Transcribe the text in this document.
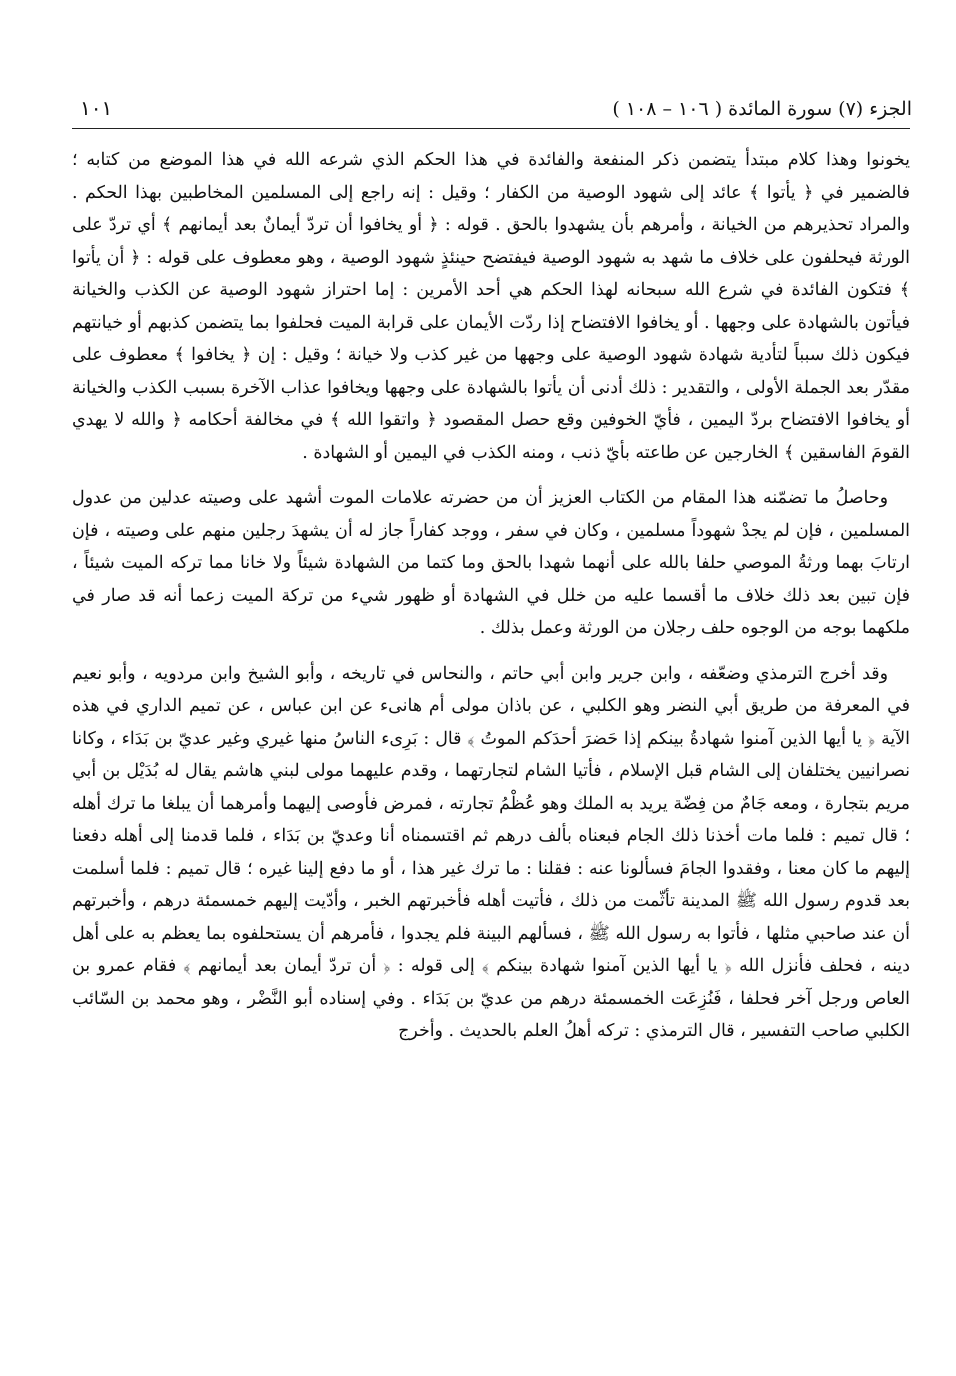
الجزء (٧) سورة المائدة ( ١٠٦ – ١٠٨ )
١٠١

يخونوا وهذا كلام مبتدأ يتضمن ذكر المنفعة والفائدة في هذا الحكم الذي شرعه الله في هذا الموضع من كتابه ؛ فالضمير في ﴿ يأتوا ﴾ عائد إلى شهود الوصية من الكفار ؛ وقيل : إنه راجع إلى المسلمين المخاطبين بهذا الحكم . والمراد تحذيرهم من الخيانة ، وأمرهم بأن يشهدوا بالحق . قوله : ﴿ أو يخافوا أن تردّ أيمانٌ بعد أيمانهم ﴾ أي تردّ على الورثة فيحلفون على خلاف ما شهد به شهود الوصية فيفتضح حينئذٍ شهود الوصية ، وهو معطوف على قوله : ﴿ أن يأتوا ﴾ فتكون الفائدة في شرع الله سبحانه لهذا الحكم هي أحد الأمرين : إما احتراز شهود الوصية عن الكذب والخيانة فيأتون بالشهادة على وجهها . أو يخافوا الافتضاح إذا ردّت الأيمان على قرابة الميت فحلفوا بما يتضمن كذبهم أو خيانتهم فيكون ذلك سبباً لتأدية شهادة شهود الوصية على وجهها من غير كذب ولا خيانة ؛ وقيل : إن ﴿ يخافوا ﴾ معطوف على مقدّر بعد الجملة الأولى ، والتقدير : ذلك أدنى أن يأتوا بالشهادة على وجهها ويخافوا عذاب الآخرة بسبب الكذب والخيانة أو يخافوا الافتضاح بردّ اليمين ، فأيّ الخوفين وقع حصل المقصود ﴿ واتقوا الله ﴾ في مخالفة أحكامه ﴿ والله لا يهدي القومَ الفاسقين ﴾ الخارجين عن طاعته بأيّ ذنب ، ومنه الكذب في اليمين أو الشهادة .

وحاصلُ ما تضمّنه هذا المقام من الكتاب العزيز أن من حضرته علامات الموت أشهد على وصيته عدلين من عدول المسلمين ، فإن لم يجدْ شهوداً مسلمين ، وكان في سفر ، ووجد كفاراً جاز له أن يشهدَ رجلين منهم على وصيته ، فإن ارتابَ بهما ورثةُ الموصي حلفا بالله على أنهما شهدا بالحق وما كتما من الشهادة شيئاً ولا خانا مما تركه الميت شيئاً ، فإن تبين بعد ذلك خلاف ما أقسما عليه من خلل في الشهادة أو ظهور شيء من تركة الميت زعما أنه قد صار في ملكهما بوجه من الوجوه حلف رجلان من الورثة وعمل بذلك .

وقد أخرج الترمذي وضعّفه ، وابن جرير وابن أبي حاتم ، والنحاس في تاريخه ، وأبو الشيخ وابن مردويه ، وأبو نعيم في المعرفة من طريق أبي النضر وهو الكلبي ، عن باذان مولى أم هانىء عن ابن عباس ، عن تميم الداري في هذه الآية ﴿ يا أيها الذين آمنوا شهادةُ بينكم إذا حَضرَ أحدَكم الموتُ ﴾ قال : بَرِىء الناسُ منها غيري وغير عديّ بن بَدَاء ، وكانا نصرانيين يختلفان إلى الشام قبل الإسلام ، فأتيا الشام لتجارتهما ، وقدم عليهما مولى لبني هاشم يقال له بُدَيْل بن أبي مريم بتجارة ، ومعه جَامٌ من فِضّة يريد به الملك وهو عُظْمُ تجارته ، فمرض فأوصى إليهما وأمرهما أن يبلغا ما ترك أهله ؛ قال تميم : فلما مات أخذنا ذلك الجام فبعناه بألف درهم ثم اقتسمناه أنا وعديّ بن بَدَاء ، فلما قدمنا إلى أهله دفعنا إليهم ما كان معنا ، وفقدوا الجامَ فسألونا عنه : فقلنا : ما ترك غير هذا ، أو ما دفع إلينا غيره ؛ قال تميم : فلما أسلمت بعد قدوم رسول الله ﷺ المدينة تأثّمت من ذلك ، فأتيت أهله فأخبرتهم الخبر ، وأدّيت إليهم خمسمئة درهم ، وأخبرتهم أن عند صاحبي مثلها ، فأتوا به رسول الله ﷺ ، فسألهم البينة فلم يجدوا ، فأمرهم أن يستحلفوه بما يعظم به على أهل دينه ، فحلف فأنزل الله ﴿ يا أيها الذين آمنوا شهادة بينكم ﴾ إلى قوله : ﴿ أن تردّ أيمان بعد أيمانهم ﴾ فقام عمرو بن العاص ورجل آخر فحلفا ، فَنُزِعَت الخمسمئة درهم من عديّ بن بَدَاء . وفي إسناده أبو النَّضْر ، وهو محمد بن السّائب الكلبي صاحب التفسير ، قال الترمذي : تركه أهلُ العلم بالحديث . وأخرج
